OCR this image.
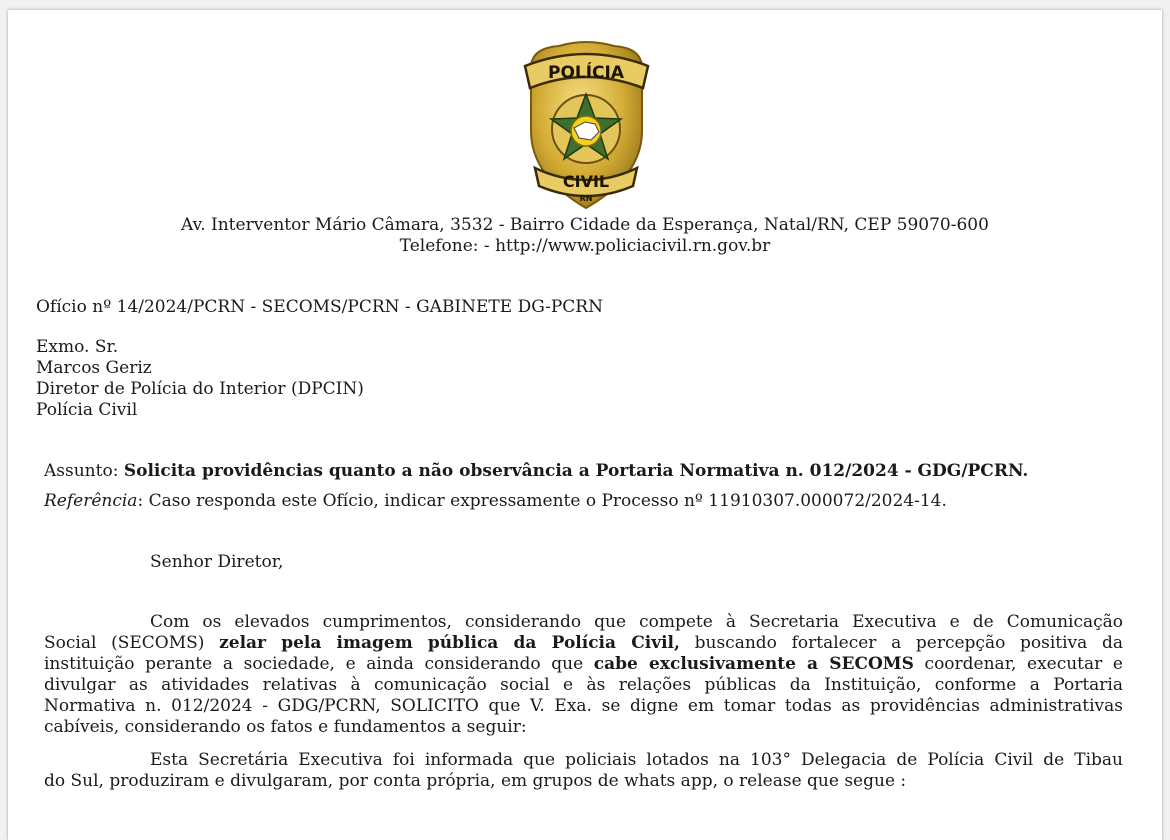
POLÍCIA
CIVIL
RN
Av. Interventor Mário Câmara, 3532 - Bairro Cidade da Esperança, Natal/RN, CEP 59070-600
Telefone: - http://www.policiacivil.rn.gov.br
Ofício nº 14/2024/PCRN - SECOMS/PCRN - GABINETE DG-PCRN
Exmo. Sr.
Marcos Geriz
Diretor de Polícia do Interior (DPCIN)
Polícia Civil
Assunto: Solicita providências quanto a não observância a Portaria Normativa n. 012/2024 - GDG/PCRN.
Referência: Caso responda este Ofício, indicar expressamente o Processo nº 11910307.000072/2024-14.
Senhor Diretor,
Com os elevados cumprimentos, considerando que compete à Secretaria Executiva e de Comunicação
Social (SECOMS) zelar pela imagem pública da Polícia Civil, buscando fortalecer a percepção positiva da
instituição perante a sociedade, e ainda considerando que cabe exclusivamente a SECOMS coordenar, executar e
divulgar as atividades relativas à comunicação social e às relações públicas da Instituição, conforme a Portaria
Normativa n. 012/2024 - GDG/PCRN, SOLICITO que V. Exa. se digne em tomar todas as providências administrativas
cabíveis, considerando os fatos e fundamentos a seguir:
Esta Secretária Executiva foi informada que policiais lotados na 103° Delegacia de Polícia Civil de Tibau
do Sul, produziram e divulgaram, por conta própria, em grupos de whats app, o release que segue :
